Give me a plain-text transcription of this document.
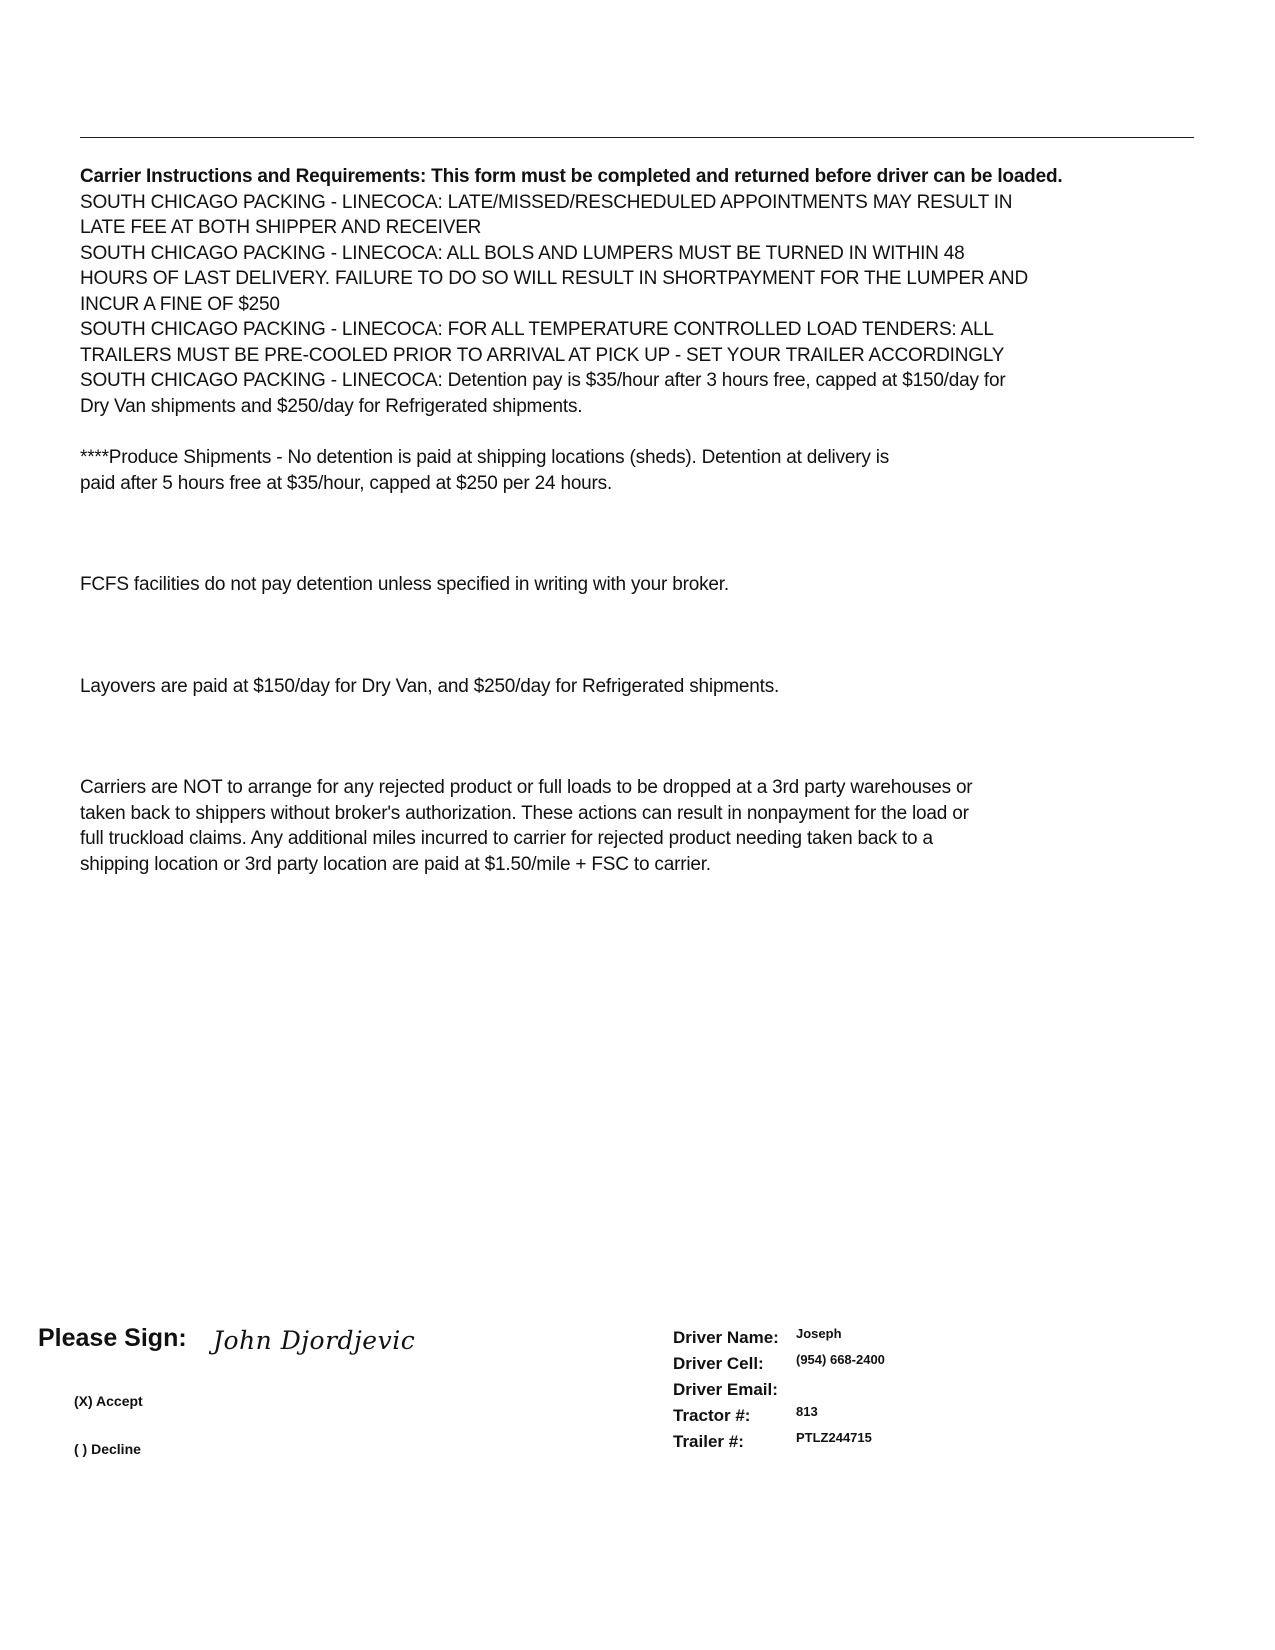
Carrier Instructions and Requirements: This form must be completed and returned before driver can be loaded.
SOUTH CHICAGO PACKING - LINECOCA: LATE/MISSED/RESCHEDULED APPOINTMENTS MAY RESULT IN
LATE FEE AT BOTH SHIPPER AND RECEIVER
SOUTH CHICAGO PACKING - LINECOCA: ALL BOLS AND LUMPERS MUST BE TURNED IN WITHIN 48
HOURS OF LAST DELIVERY. FAILURE TO DO SO WILL RESULT IN SHORTPAYMENT FOR THE LUMPER AND
INCUR A FINE OF $250
SOUTH CHICAGO PACKING - LINECOCA: FOR ALL TEMPERATURE CONTROLLED LOAD TENDERS: ALL
TRAILERS MUST BE PRE-COOLED PRIOR TO ARRIVAL AT PICK UP - SET YOUR TRAILER ACCORDINGLY
SOUTH CHICAGO PACKING - LINECOCA: Detention pay is $35/hour after 3 hours free, capped at $150/day for
Dry Van shipments and $250/day for Refrigerated shipments.
****Produce Shipments - No detention is paid at shipping locations (sheds). Detention at delivery is
paid after 5 hours free at $35/hour, capped at $250 per 24 hours.
FCFS facilities do not pay detention unless specified in writing with your broker.
Layovers are paid at $150/day for Dry Van, and $250/day for Refrigerated shipments.
Carriers are NOT to arrange for any rejected product or full loads to be dropped at a 3rd party warehouses or
taken back to shippers without broker's authorization. These actions can result in nonpayment for the load or
full truckload claims. Any additional miles incurred to carrier for rejected product needing taken back to a
shipping location or 3rd party location are paid at $1.50/mile + FSC to carrier.
Please Sign: John Djordjevic
(X) Accept
( ) Decline
Driver Name: Joseph
Driver Cell: (954) 668-2400
Driver Email:
Tractor #:	813
Trailer #:	PTLZ244715
